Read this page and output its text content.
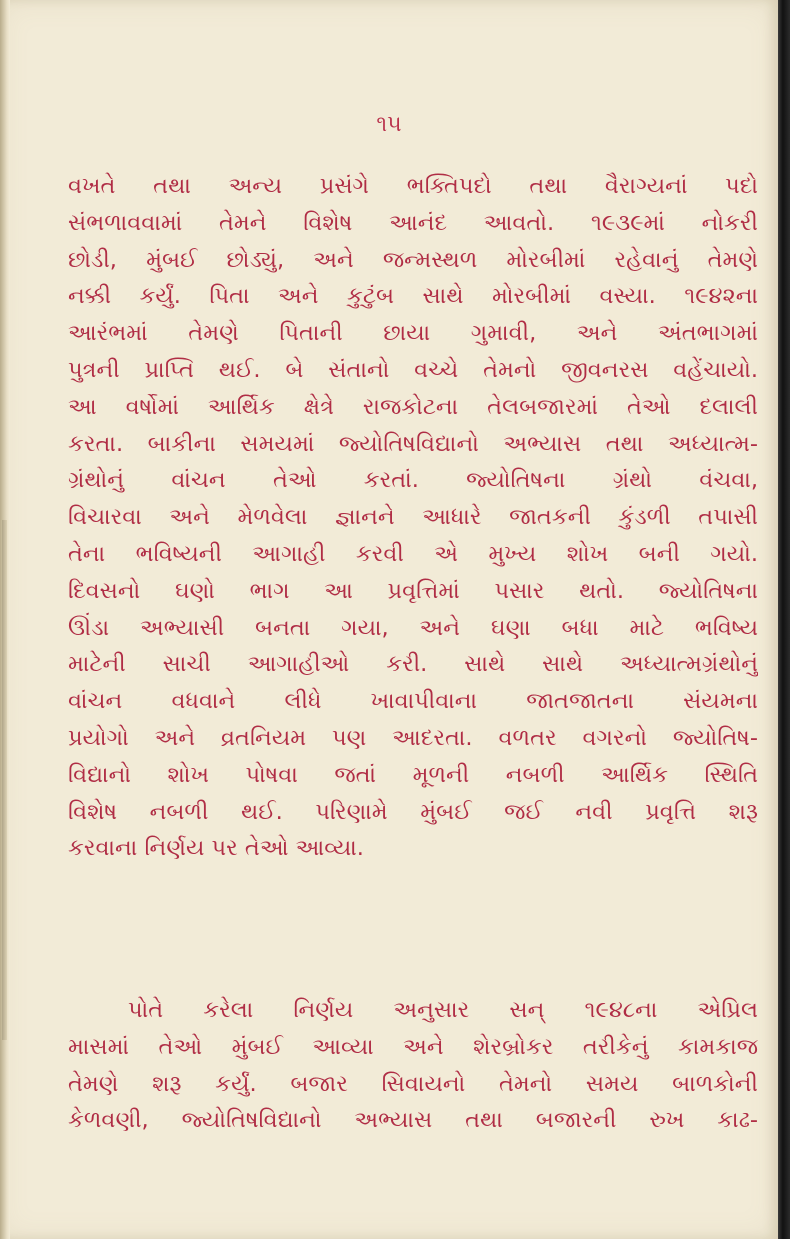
૧૫
વખતે તથા અન્ય પ્રસંગે ભક્તિપદો તથા વૈરાગ્યનાં પદો
સંભળાવવામાં તેમને વિશેષ આનંદ આવતો. ૧૯૩૯માં નોકરી
છોડી, મુંબઈ છોડ્યું, અને જન્મસ્થળ મોરબીમાં રહેવાનું તેમણે
નક્કી કર્યું. પિતા અને કુટુંબ સાથે મોરબીમાં વસ્યા. ૧૯૪૨ના
આરંભમાં તેમણે પિતાની છાયા ગુમાવી, અને અંતભાગમાં
પુત્રની પ્રાપ્તિ થઈ. બે સંતાનો વચ્ચે તેમનો જીવનરસ વહેંચાયો.
આ વર્ષોમાં આર્થિક ક્ષેત્રે રાજકોટના તેલબજારમાં તેઓ દલાલી
કરતા. બાકીના સમયમાં જ્યોતિષવિદ્યાનો અભ્યાસ તથા અધ્યાત્મ-
ગ્રંથોનું વાંચન તેઓ કરતાં. જ્યોતિષના ગ્રંથો વંચવા,
વિચારવા અને મેળવેલા જ્ઞાનને આધારે જાતકની કુંડળી તપાસી
તેના ભવિષ્યની આગાહી કરવી એ મુખ્ય શોખ બની ગયો.
દિવસનો ઘણો ભાગ આ પ્રવૃત્તિમાં પસાર થતો. જ્યોતિષના
ઊંડા અભ્યાસી બનતા ગયા, અને ઘણા બધા માટે ભવિષ્ય
માટેની સાચી આગાહીઓ કરી. સાથે સાથે અધ્યાત્મગ્રંથોનું
વાંચન વધવાને લીધે ખાવાપીવાના જાતજાતના સંયમના
પ્રયોગો અને વ્રતનિયમ પણ આદરતા. વળતર વગરનો જ્યોતિષ-
વિદ્યાનો શોખ પોષવા જતાં મૂળની નબળી આર્થિક સ્થિતિ
વિશેષ નબળી થઈ. પરિણામે મુંબઈ જઈ નવી પ્રવૃત્તિ શરૂ
કરવાના નિર્ણય પર તેઓ આવ્યા.
પોતે કરેલા નિર્ણય અનુસાર સન્ ૧૯૪૮ના એપ્રિલ
માસમાં તેઓ મુંબઈ આવ્યા અને શેરબ્રોકર તરીકેનું કામકાજ
તેમણે શરૂ કર્યું. બજાર સિવાયનો તેમનો સમય બાળકોની
કેળવણી, જ્યોતિષવિદ્યાનો અભ્યાસ તથા બજારની રુખ કાઢ-
